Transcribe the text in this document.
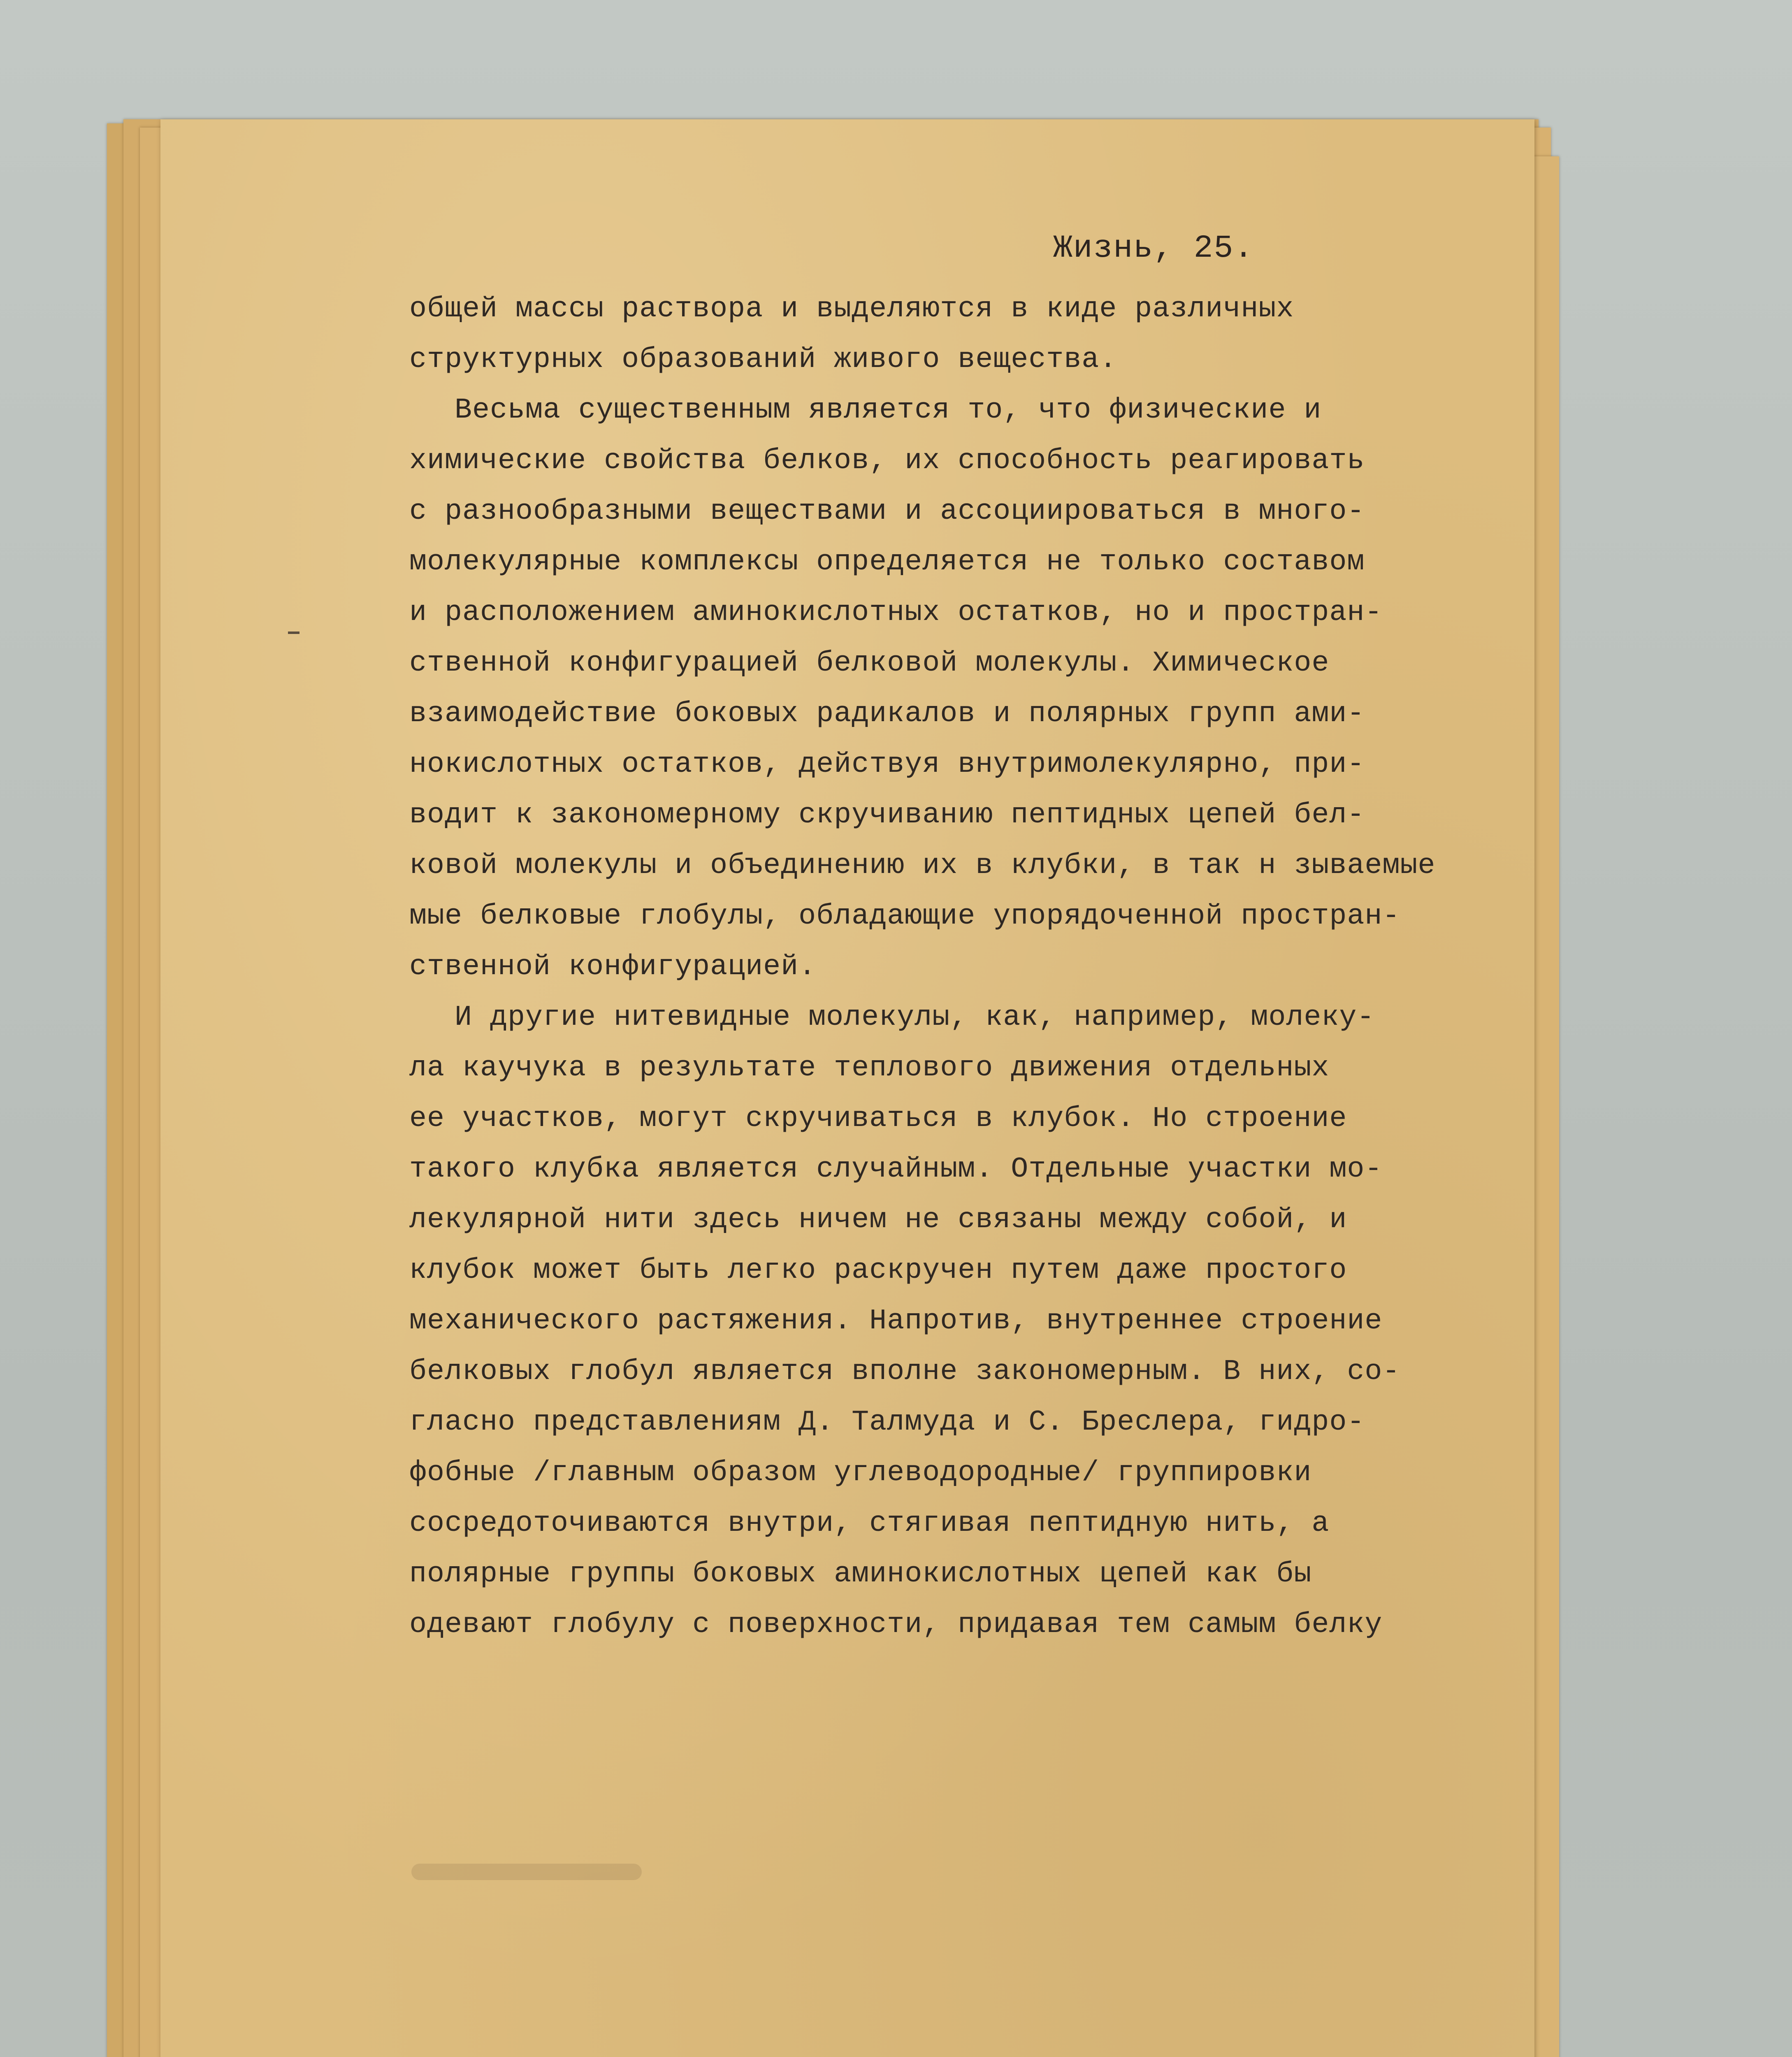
Жизнь, 25.
общей массы раствора и выделяются в киде различных
структурных образований живого вещества.
Весьма существенным является то, что физические и
химические свойства белков, их способность реагировать
с разнообразными веществами и ассоциироваться в много-
молекулярные комплексы определяется не только составом
и расположением аминокислотных остатков, но и простран-
ственной конфигурацией белковой молекулы. Химическое
взаимодействие боковых радикалов и полярных групп ами-
нокислотных остатков, действуя внутримолекулярно, при-
водит к закономерному скручиванию пептидных цепей бел-
ковой молекулы и объединению их в клубки, в так н зываемые
мые белковые глобулы, обладающие упорядоченной простран-
ственной конфигурацией.
И другие нитевидные молекулы, как, например, молеку-
ла каучука в результате теплового движения отдельных
ее участков, могут скручиваться в клубок. Но строение
такого клубка является случайным. Отдельные участки мо-
лекулярной нити здесь ничем не связаны между собой, и
клубок может быть легко раскручен путем даже простого
механического растяжения. Напротив, внутреннее строение
белковых глобул является вполне закономерным. В них, со-
гласно представлениям Д. Талмуда и С. Бреслера, гидро-
фобные /главным образом углеводородные/ группировки
сосредоточиваются внутри, стягивая пептидную нить, а
полярные группы боковых аминокислотных цепей как бы
одевают глобулу с поверхности, придавая тем самым белку
